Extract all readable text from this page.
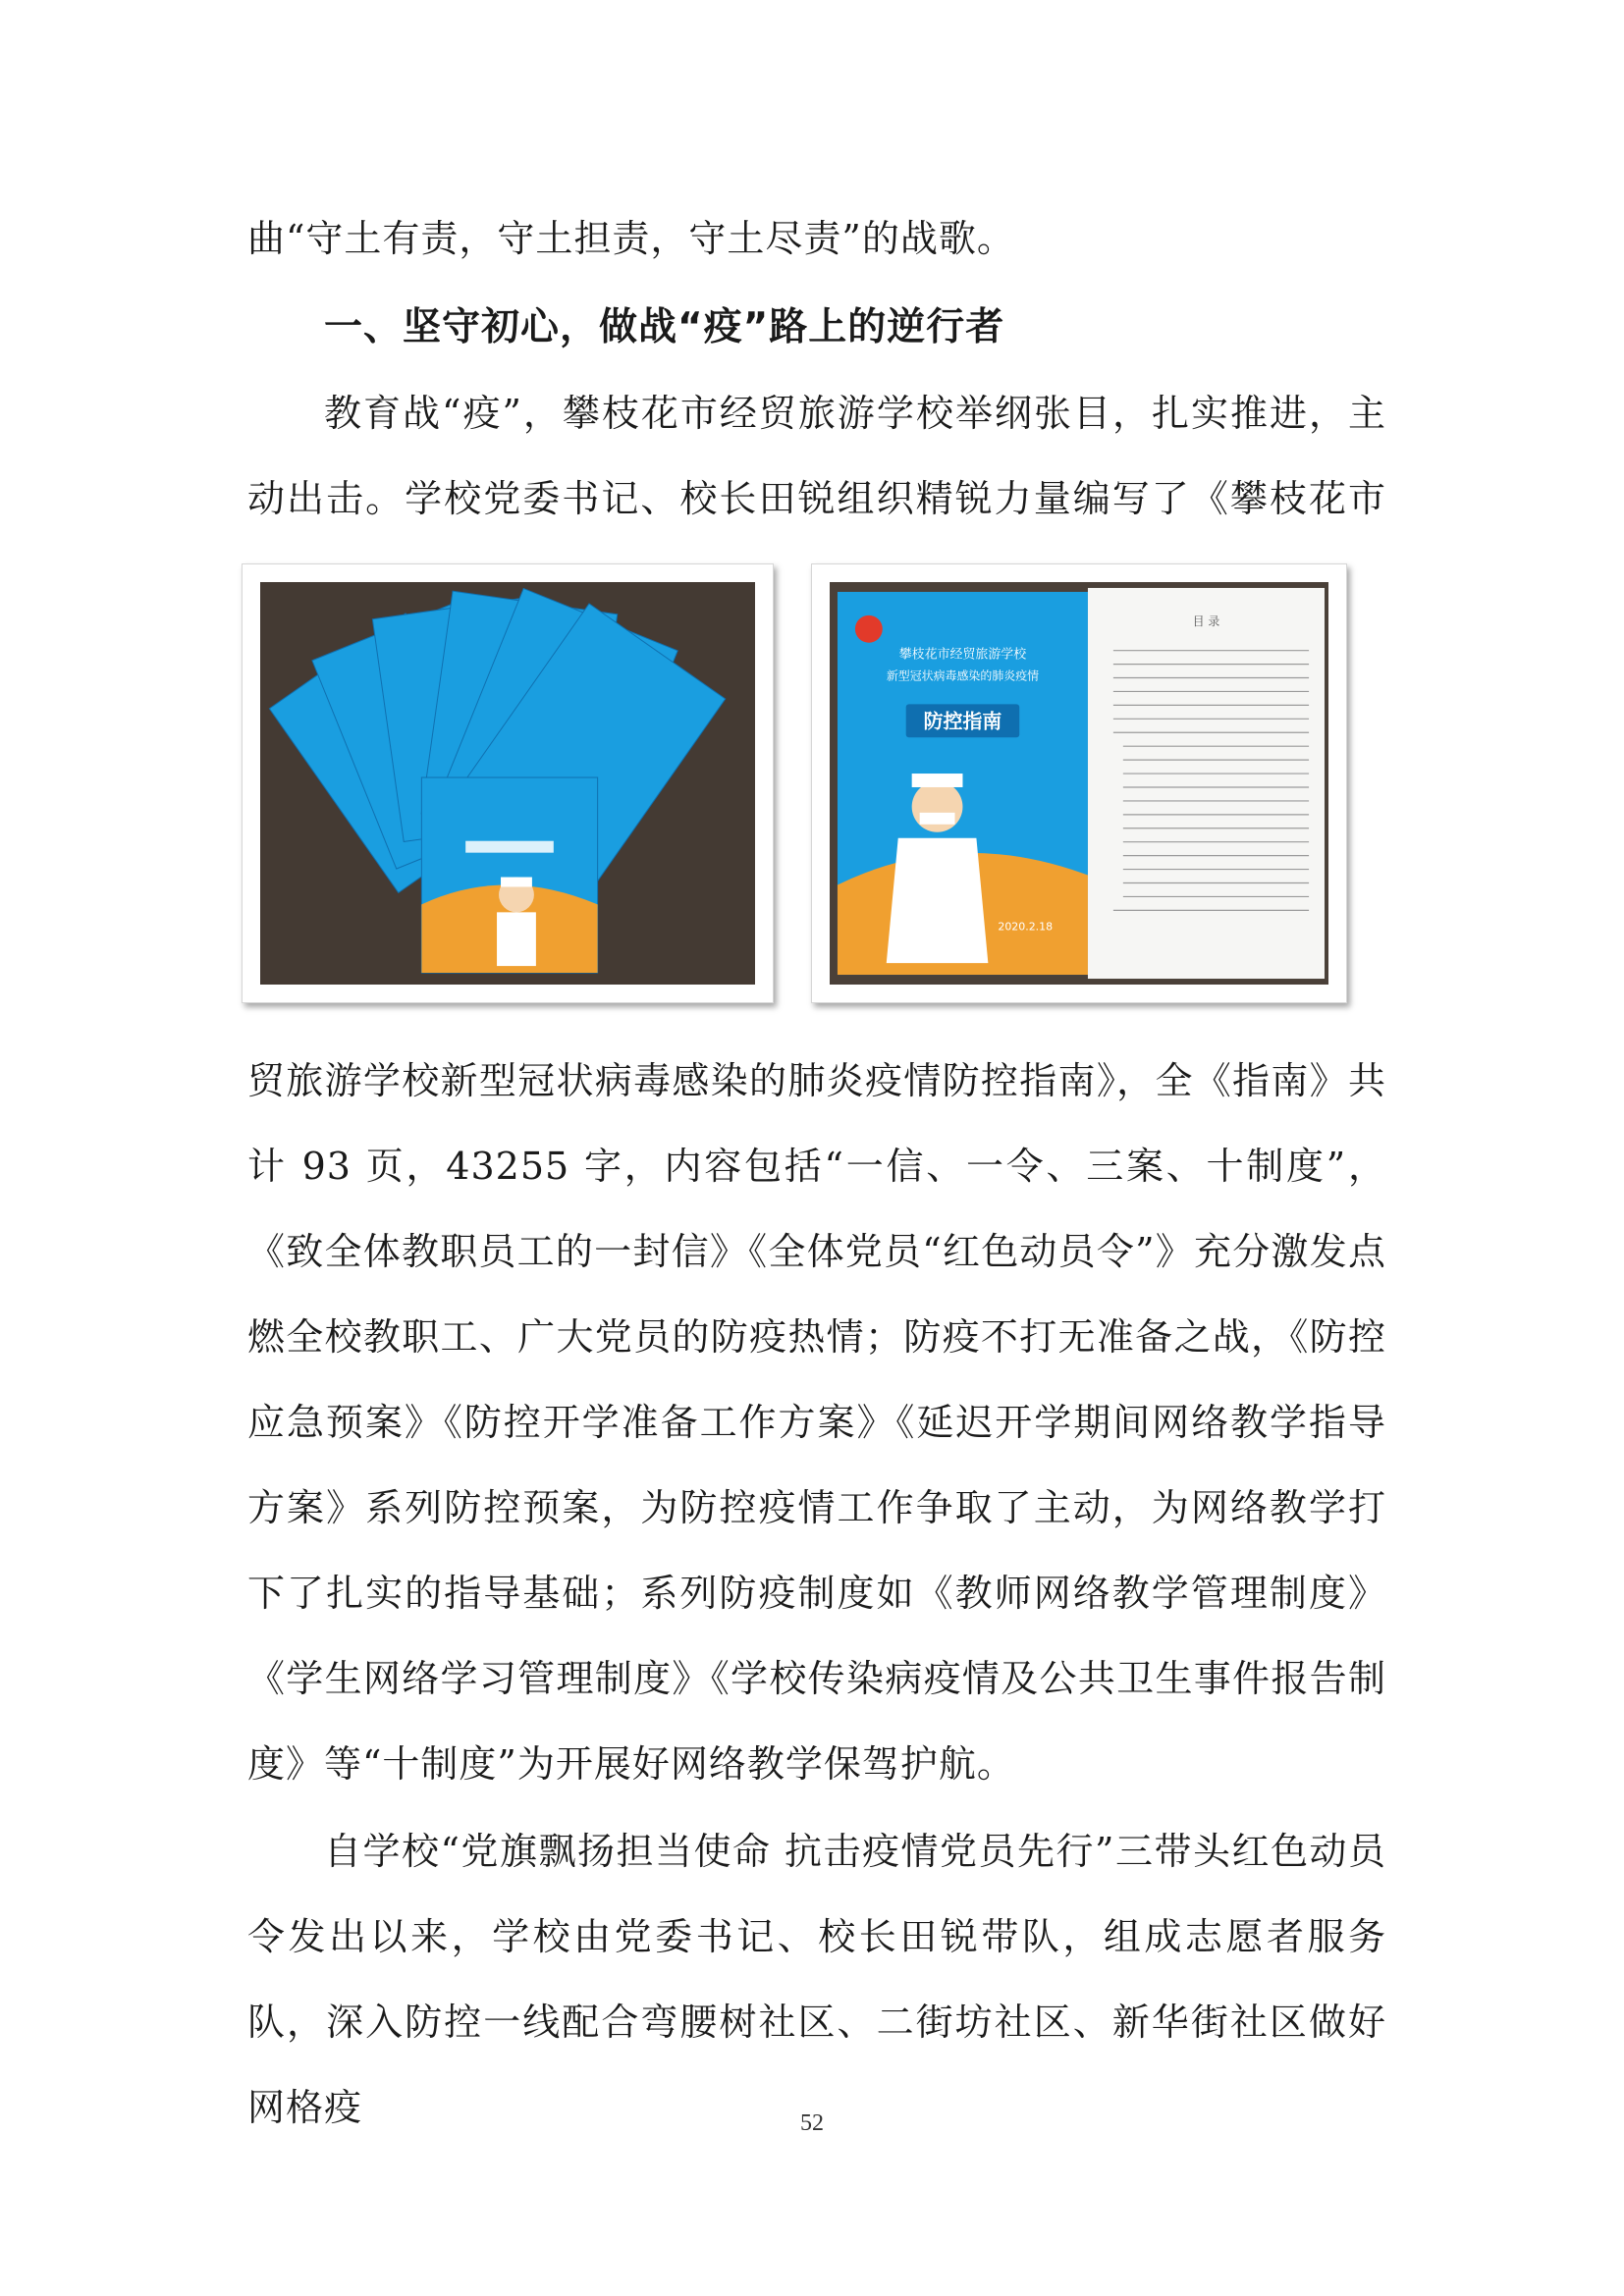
曲“守土有责，守土担责，守土尽责”的战歌。

一、坚守初心，做战“疫”路上的逆行者

教育战“疫”，攀枝花市经贸旅游学校举纲张目，扎实推进，主动出击。学校党委书记、校长田锐组织精锐力量编写了《攀枝花市

攀枝花市经贸旅游学校
新型冠状病毒感染的肺炎疫情
防控指南
2020.2.18
目 录

贸旅游学校新型冠状病毒感染的肺炎疫情防控指南》，全《指南》共计 93 页，43255 字，内容包括“一信、一令、三案、十制度”，《致全体教职员工的一封信》《全体党员“红色动员令”》充分激发点燃全校教职工、广大党员的防疫热情；防疫不打无准备之战，《防控应急预案》《防控开学准备工作方案》《延迟开学期间网络教学指导方案》系列防控预案，为防控疫情工作争取了主动，为网络教学打下了扎实的指导基础；系列防疫制度如《教师网络教学管理制度》《学生网络学习管理制度》《学校传染病疫情及公共卫生事件报告制度》等“十制度”为开展好网络教学保驾护航。

自学校“党旗飘扬担当使命 抗击疫情党员先行”三带头红色动员令发出以来，学校由党委书记、校长田锐带队，组成志愿者服务队，深入防控一线配合弯腰树社区、二街坊社区、新华街社区做好网格疫	52
